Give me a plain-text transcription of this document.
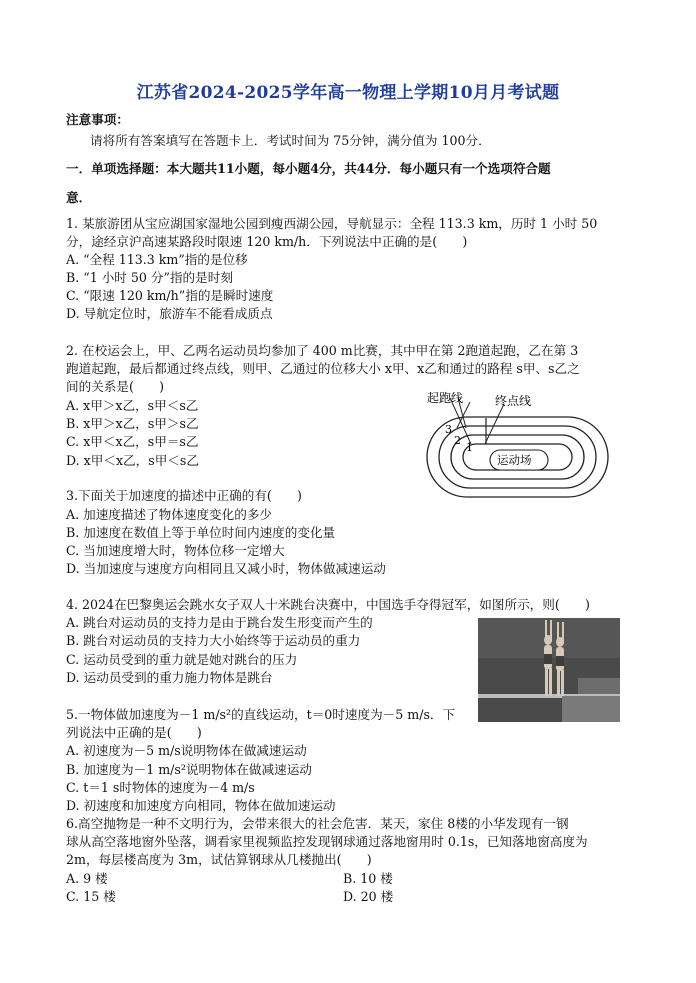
江苏省2024-2025学年高一物理上学期10月月考试题
注意事项：
请将所有答案填写在答题卡上．考试时间为 75分钟，满分值为 100分．
一．单项选择题：本大题共11小题，每小题4分，共44分．每小题只有一个选项符合题
意．
1. 某旅游团从宝应湖国家湿地公园到瘦西湖公园，导航显示：全程 113.3 km，历时 1 小时 50
分，途经京沪高速某路段时限速 120 km/h．下列说法中正确的是(　　)
A. “全程 113.3 km”指的是位移
B. “1 小时 50 分”指的是时刻
C. “限速 120 km/h”指的是瞬时速度
D. 导航定位时，旅游车不能看成质点
2. 在校运会上，甲、乙两名运动员均参加了 400 m比赛，其中甲在第 2跑道起跑，乙在第 3
跑道起跑，最后都通过终点线，则甲、乙通过的位移大小 x甲、x乙和通过的路程 s甲、s乙之
间的关系是(　　)
A. x甲＞x乙，s甲＜s乙
B. x甲＞x乙，s甲＞s乙
C. x甲＜x乙，s甲＝s乙
D. x甲＜x乙，s甲＜s乙
3
2
1
起跑线	终点线
运动场
3.下面关于加速度的描述中正确的有(　　)
A. 加速度描述了物体速度变化的多少
B. 加速度在数值上等于单位时间内速度的变化量
C. 当加速度增大时，物体位移一定增大
D. 当加速度与速度方向相同且又减小时，物体做减速运动
4. 2024在巴黎奥运会跳水女子双人十米跳台决赛中，中国选手夺得冠军，如图所示，则(　　)
A. 跳台对运动员的支持力是由于跳台发生形变而产生的
B. 跳台对运动员的支持力大小始终等于运动员的重力
C. 运动员受到的重力就是她对跳台的压力
D. 运动员受到的重力施力物体是跳台
5.一物体做加速度为－1 m/s²的直线运动，t＝0时速度为－5 m/s．下
列说法中正确的是(　　)
A. 初速度为－5 m/s说明物体在做减速运动
B. 加速度为－1 m/s²说明物体在做减速运动
C. t＝1 s时物体的速度为－4 m/s
D. 初速度和加速度方向相同，物体在做加速运动
6.高空抛物是一种不文明行为，会带来很大的社会危害．某天，家住 8楼的小华发现有一钢
球从高空落地窗外坠落，调看家里视频监控发现钢球通过落地窗用时 0.1s，已知落地窗高度为
2m，每层楼高度为 3m，试估算钢球从几楼抛出(　　)
A. 9 楼	B. 10 楼
C. 15 楼	D. 20 楼
